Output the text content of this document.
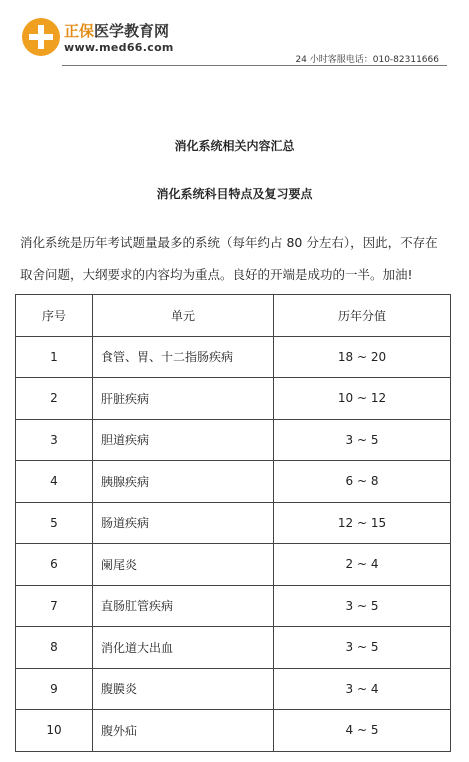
正保医学教育网
www.med66.com
24 小时客服电话：010-82311666
消化系统相关内容汇总
消化系统科目特点及复习要点
消化系统是历年考试题量最多的系统（每年约占 80 分左右），因此，不存在取舍问题，大纲要求的内容均为重点。良好的开端是成功的一半。加油!
序号	单元	历年分值
1	食管、胃、十二指肠疾病	18 ~ 20
2	肝脏疾病	10 ~ 12
3	胆道疾病	3 ~ 5
4	胰腺疾病	6 ~ 8
5	肠道疾病	12 ~ 15
6	阑尾炎	2 ~ 4
7	直肠肛管疾病	3 ~ 5
8	消化道大出血	3 ~ 5
9	腹膜炎	3 ~ 4
10	腹外疝	4 ~ 5
